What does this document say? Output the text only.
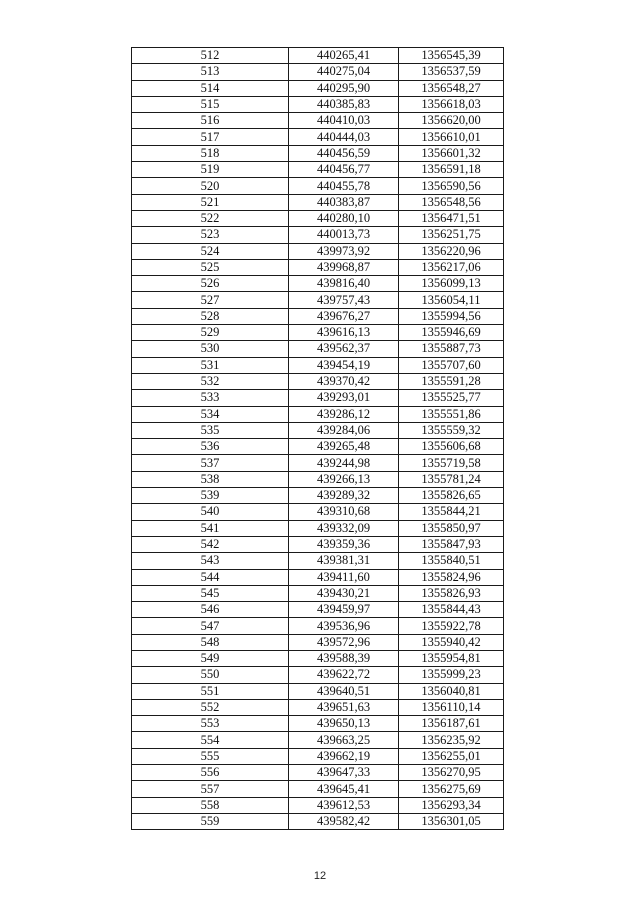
512	440265,41	1356545,39
513	440275,04	1356537,59
514	440295,90	1356548,27
515	440385,83	1356618,03
516	440410,03	1356620,00
517	440444,03	1356610,01
518	440456,59	1356601,32
519	440456,77	1356591,18
520	440455,78	1356590,56
521	440383,87	1356548,56
522	440280,10	1356471,51
523	440013,73	1356251,75
524	439973,92	1356220,96
525	439968,87	1356217,06
526	439816,40	1356099,13
527	439757,43	1356054,11
528	439676,27	1355994,56
529	439616,13	1355946,69
530	439562,37	1355887,73
531	439454,19	1355707,60
532	439370,42	1355591,28
533	439293,01	1355525,77
534	439286,12	1355551,86
535	439284,06	1355559,32
536	439265,48	1355606,68
537	439244,98	1355719,58
538	439266,13	1355781,24
539	439289,32	1355826,65
540	439310,68	1355844,21
541	439332,09	1355850,97
542	439359,36	1355847,93
543	439381,31	1355840,51
544	439411,60	1355824,96
545	439430,21	1355826,93
546	439459,97	1355844,43
547	439536,96	1355922,78
548	439572,96	1355940,42
549	439588,39	1355954,81
550	439622,72	1355999,23
551	439640,51	1356040,81
552	439651,63	1356110,14
553	439650,13	1356187,61
554	439663,25	1356235,92
555	439662,19	1356255,01
556	439647,33	1356270,95
557	439645,41	1356275,69
558	439612,53	1356293,34
559	439582,42	1356301,05
12
